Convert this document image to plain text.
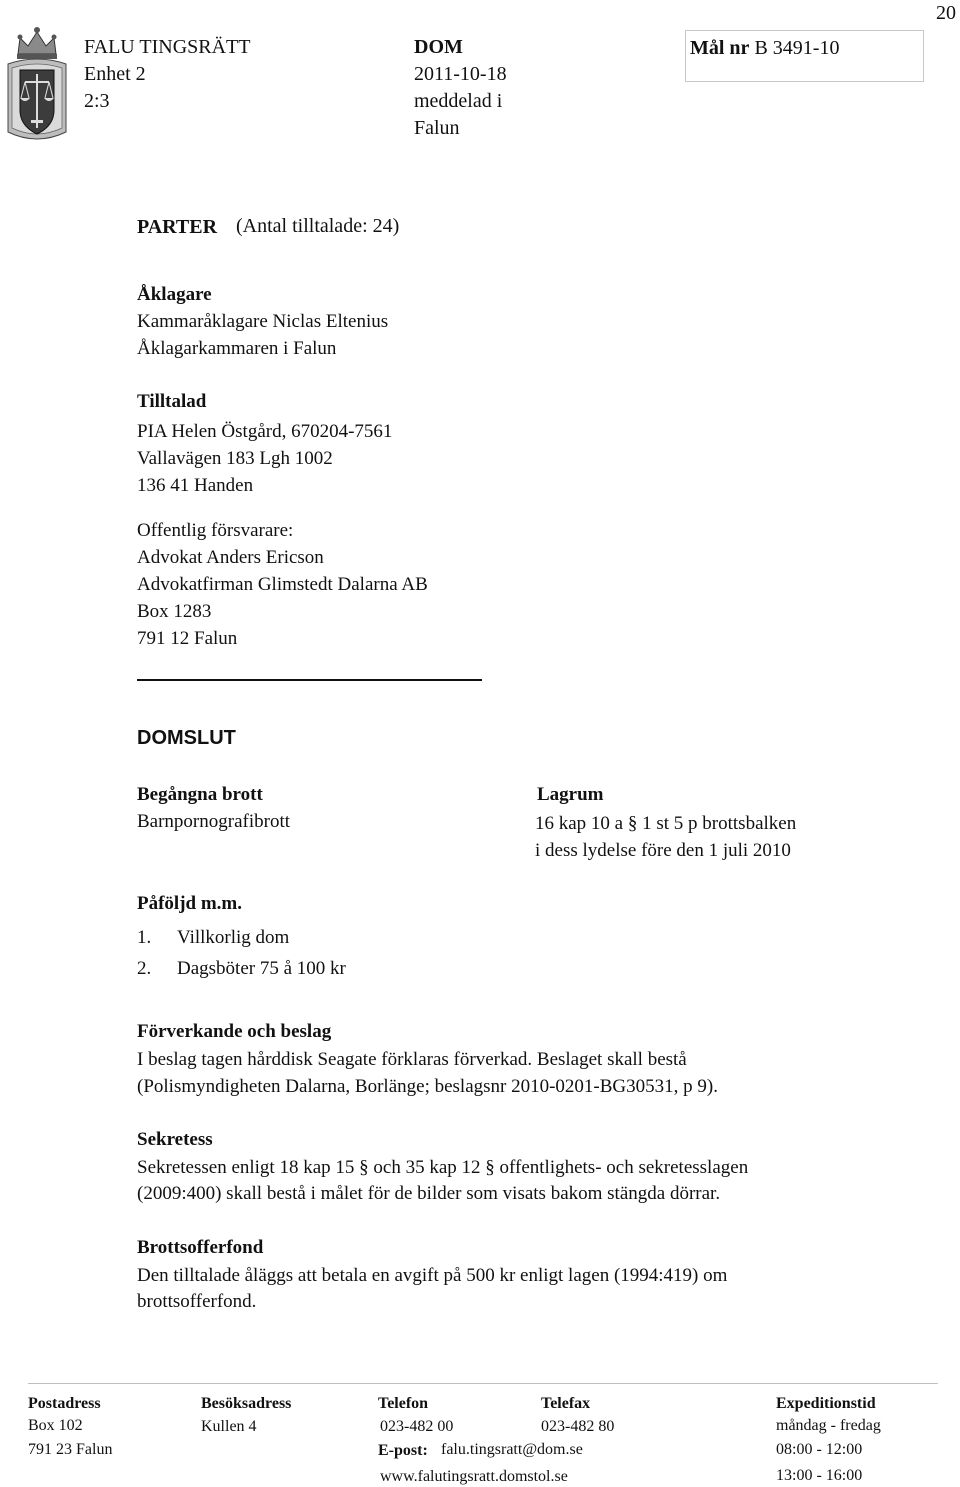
20
FALU TINGSRÄTT
Enhet 2
2:3
DOM
2011-10-18
meddelad i
Falun
Mål nr B 3491-10
PARTER (Antal tilltalade: 24)
Åklagare
Kammaråklagare Niclas Eltenius
Åklagarkammaren i Falun
Tilltalad
PIA Helen Östgård, 670204-7561
Vallavägen 183 Lgh 1002
136 41 Handen
Offentlig försvarare:
Advokat Anders Ericson
Advokatfirman Glimstedt Dalarna AB
Box 1283
791 12 Falun
DOMSLUT
Begångna brott
Barnpornografibrott
Lagrum
16 kap 10 a § 1 st 5 p brottsbalken
i dess lydelse före den 1 juli 2010
Påföljd m.m.
1. Villkorlig dom
2. Dagsböter 75 å 100 kr
Förverkande och beslag
I beslag tagen hårddisk Seagate förklaras förverkad. Beslaget skall bestå
(Polismyndigheten Dalarna, Borlänge; beslagsnr 2010-0201-BG30531, p 9).
Sekretess
Sekretessen enligt 18 kap 15 § och 35 kap 12 § offentlighets- och sekretesslagen
(2009:400) skall bestå i målet för de bilder som visats bakom stängda dörrar.
Brottsofferfond
Den tilltalade åläggs att betala en avgift på 500 kr enligt lagen (1994:419) om
brottsofferfond.
Postadress
Box 102
791 23 Falun
Besöksadress
Kullen 4
Telefon
023-482 00
E-post: falu.tingsratt@dom.se
www.falutingsratt.domstol.se
Telefax
023-482 80
Expeditionstid
måndag - fredag
08:00 - 12:00
13:00 - 16:00
